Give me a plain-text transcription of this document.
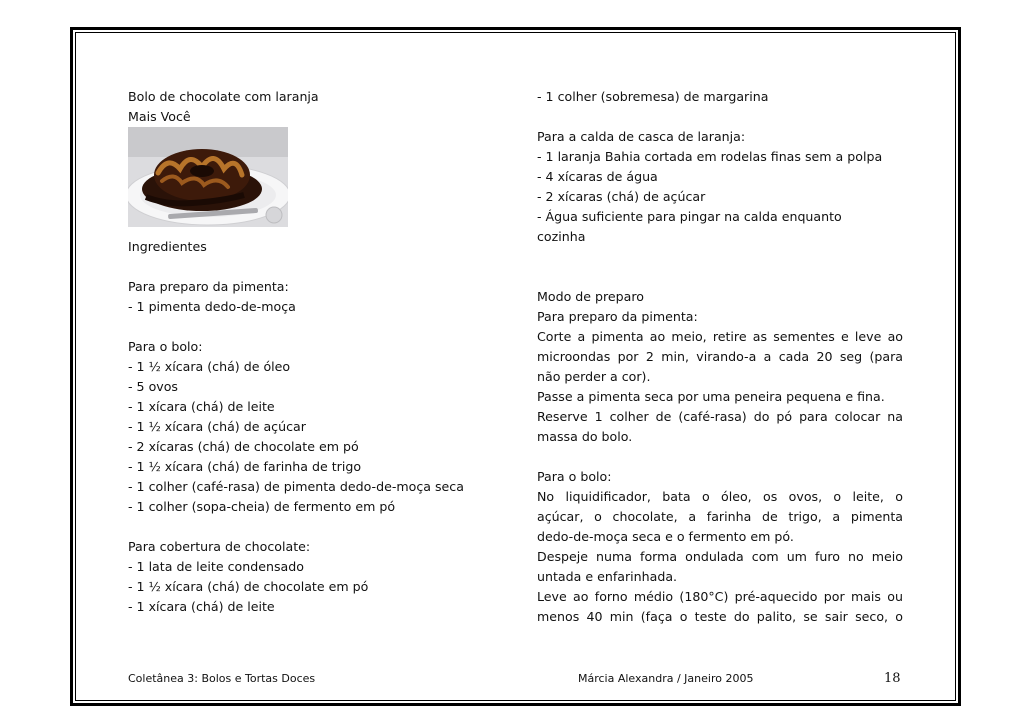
Bolo de chocolate com laranja
Mais Você
Ingredientes
Para preparo da pimenta:
- 1 pimenta dedo-de-moça
Para o bolo:
- 1 ½ xícara (chá) de óleo
- 5 ovos
- 1 xícara (chá) de leite
- 1 ½ xícara (chá) de açúcar
- 2 xícaras (chá) de chocolate em pó
- 1 ½ xícara (chá) de farinha de trigo
- 1 colher (café-rasa) de pimenta dedo-de-moça seca
- 1 colher (sopa-cheia) de fermento em pó
Para cobertura de chocolate:
- 1 lata de leite condensado
- 1 ½ xícara (chá) de chocolate em pó
- 1 xícara (chá) de leite
- 1 colher (sobremesa) de margarina
Para a calda de casca de laranja:
- 1 laranja Bahia cortada em rodelas finas sem a polpa
- 4 xícaras de água
- 2 xícaras (chá) de açúcar
- Água suficiente para pingar na calda enquanto
cozinha
Modo de preparo
Para preparo da pimenta:
Corte a pimenta ao meio, retire as sementes e leve ao
microondas por 2 min, virando-a a cada 20 seg (para
não perder a cor).
Passe a pimenta seca por uma peneira pequena e fina.
Reserve 1 colher de (café-rasa) do pó para colocar na
massa do bolo.
Para o bolo:
No liquidificador, bata o óleo, os ovos, o leite, o
açúcar, o chocolate, a farinha de trigo, a pimenta
dedo-de-moça seca e o fermento em pó.
Despeje numa forma ondulada com um furo no meio
untada e enfarinhada.
Leve ao forno médio (180°C) pré-aquecido por mais ou
menos 40 min (faça o teste do palito, se sair seco, o
Coletânea 3: Bolos e Tortas Doces	Márcia Alexandra / Janeiro 2005	18
